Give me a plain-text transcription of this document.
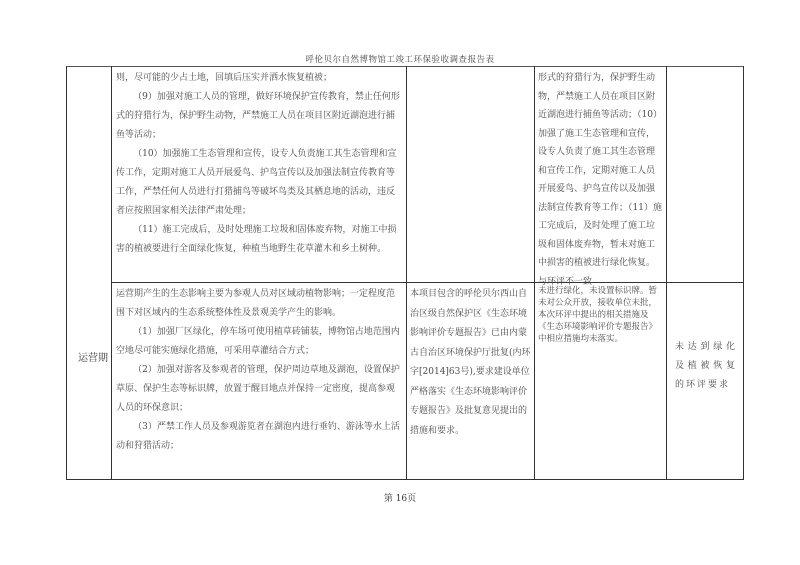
呼伦贝尔自然博物馆工竣工环保验收调查报告表

则，尽可能的少占土地，回填后压实并洒水恢复植被；

（9）加强对施工人员的管理，做好环境保护宣传教育，禁止任何形式的狩猎行为，保护野生动物，严禁施工人员在项目区附近湖泡进行捕鱼等活动；

（10）加强施工生态管理和宣传，设专人负责施工其生态管理和宣传工作，定期对施工人员开展爱鸟、护鸟宣传以及加强法制宣传教育等工作，严禁任何人员进行打猎捕鸟等破坏鸟类及其栖息地的活动，违反者应按照国家相关法律严肃处理；

（11）施工完成后，及时处理施工垃圾和固体废弃物，对施工中损害的植被要进行全面绿化恢复，种植当地野生花草灌木和乡土树种。

形式的狩猎行为，保护野生动物，严禁施工人员在项目区附近湖泡进行捕鱼等活动；（10）加强了施工生态管理和宣传，设专人负责了施工其生态管理和宣传工作，定期对施工人员开展爱鸟、护鸟宣传以及加强法制宣传教育等工作；（11）施工完成后，及时处理了施工垃圾和固体废弃物，暂未对施工中损害的植被进行绿化恢复。与环评不一致

运营期

运营期产生的生态影响主要为参观人员对区域动植物影响；一定程度范围下对区域内的生态系统整体性及景观美学产生的影响。

（1）加强厂区绿化，停车场可使用植草砖铺装，博物馆占地范围内空地尽可能实施绿化措施，可采用草灌结合方式；

（2）加强对游客及参观者的管理，保护周边草地及湖泡，设置保护草原、保护生态等标识牌，放置于醒目地点并保持一定密度，提高参观人员的环保意识；

（3）严禁工作人员及参观游览者在湖泡内进行垂钓、游泳等水上活动和狩猎活动；

本项目包含的呼伦贝尔西山自治区级自然保护区《生态环境影响评价专题报告》已由内蒙古自治区环境保护厅批复(内环字[2014]63号),要求建设单位严格落实《生态环境影响评价专题报告》及批复意见提出的措施和要求。

未进行绿化，未设置标识牌。暂未对公众开放，接收单位未批，本次环评中提出的相关措施及《生态环境影响评价专题报告》中相应措施均未落实。

未达到绿化及植被恢复的环评要求
第 16页
